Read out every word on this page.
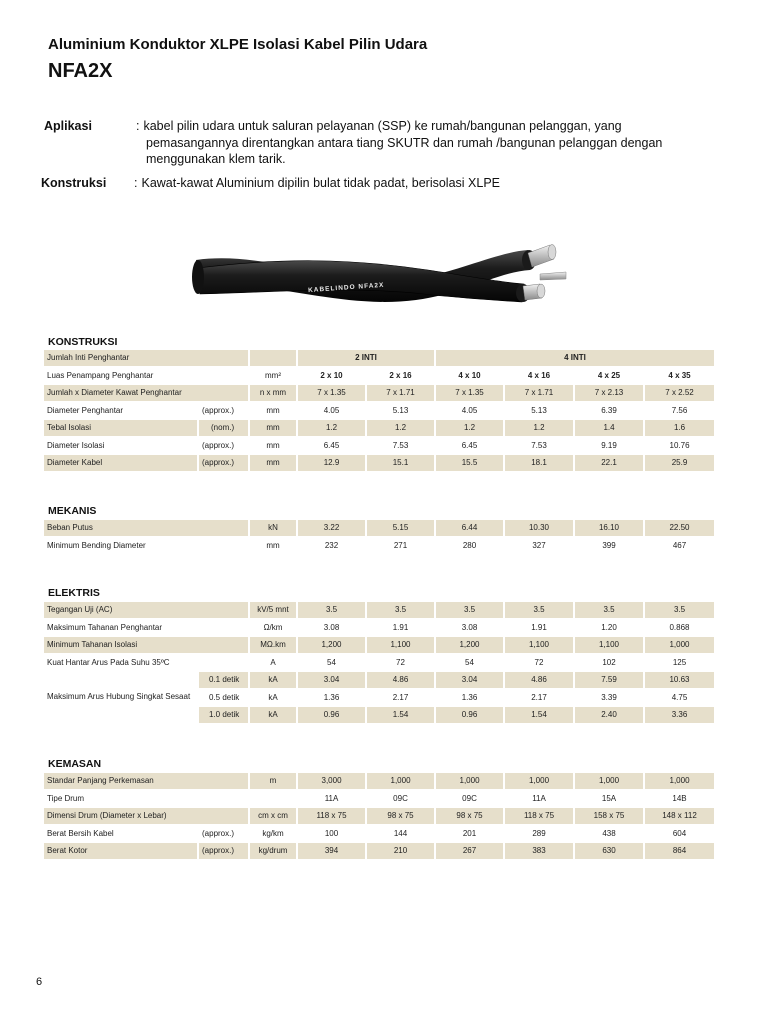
Aluminium Konduktor XLPE Isolasi Kabel Pilin Udara
NFA2X
Aplikasi	: kabel pilin udara untuk saluran pelayanan (SSP) ke rumah/bangunan pelanggan, yang pemasangannya direntangkan antara tiang SKUTR dan rumah /bangunan pelanggan dengan menggunakan klem tarik.
Konstruksi : Kawat-kawat Aluminium dipilin bulat tidak padat, berisolasi XLPE
KABELINDO NFA2X
KONSTRUKSI
Jumlah Inti Penghantar			2 INTI		4 INTI			
Luas Penampang Penghantar		mm²	2 x 10	2 x 16	4 x 10	4 x 16	4 x 25	4 x 35
Jumlah x Diameter Kawat Penghantar		n x mm	7 x 1.35	7 x 1.71	7 x 1.35	7 x 1.71	7 x 2.13	7 x 2.52
Diameter Penghantar	(approx.)	mm	4.05	5.13	4.05	5.13	6.39	7.56
Tebal Isolasi	(nom.)	mm	1.2	1.2	1.2	1.2	1.4	1.6
Diameter Isolasi	(approx.)	mm	6.45	7.53	6.45	7.53	9.19	10.76
Diameter Kabel	(approx.)	mm	12.9	15.1	15.5	18.1	22.1	25.9
MEKANIS
Beban Putus	kN	3.22	5.15	6.44	10.30	16.10	22.50
Minimum Bending Diameter	mm	232	271	280	327	399	467
ELEKTRIS
Tegangan Uji (AC)		kV/5 mnt	3.5	3.5	3.5	3.5	3.5	3.5
Maksimum Tahanan Penghantar		Ω/km	3.08	1.91	3.08	1.91	1.20	0.868
Minimum Tahanan Isolasi		MΩ.km	1,200	1,100	1,200	1,100	1,100	1,000
Kuat Hantar Arus Pada Suhu 35ºC		A	54	72	54	72	102	125
Maksimum Arus Hubung Singkat Sesaat	0.1 detik	kA	3.04	4.86	3.04	4.86	7.59	10.63
	0.5 detik	kA	1.36	2.17	1.36	2.17	3.39	4.75
	1.0 detik	kA	0.96	1.54	0.96	1.54	2.40	3.36
KEMASAN
Standar Panjang Perkemasan		m	3,000	1,000	1,000	1,000	1,000	1,000
Tipe Drum			11A	09C	09C	11A	15A	14B
Dimensi Drum (Diameter x Lebar)		cm x cm	118 x 75	98 x 75	98 x 75	118 x 75	158 x 75	148 x 112
Berat Bersih Kabel	(approx.)	kg/km	100	144	201	289	438	604
Berat Kotor	(approx.)	kg/drum	394	210	267	383	630	864
6
